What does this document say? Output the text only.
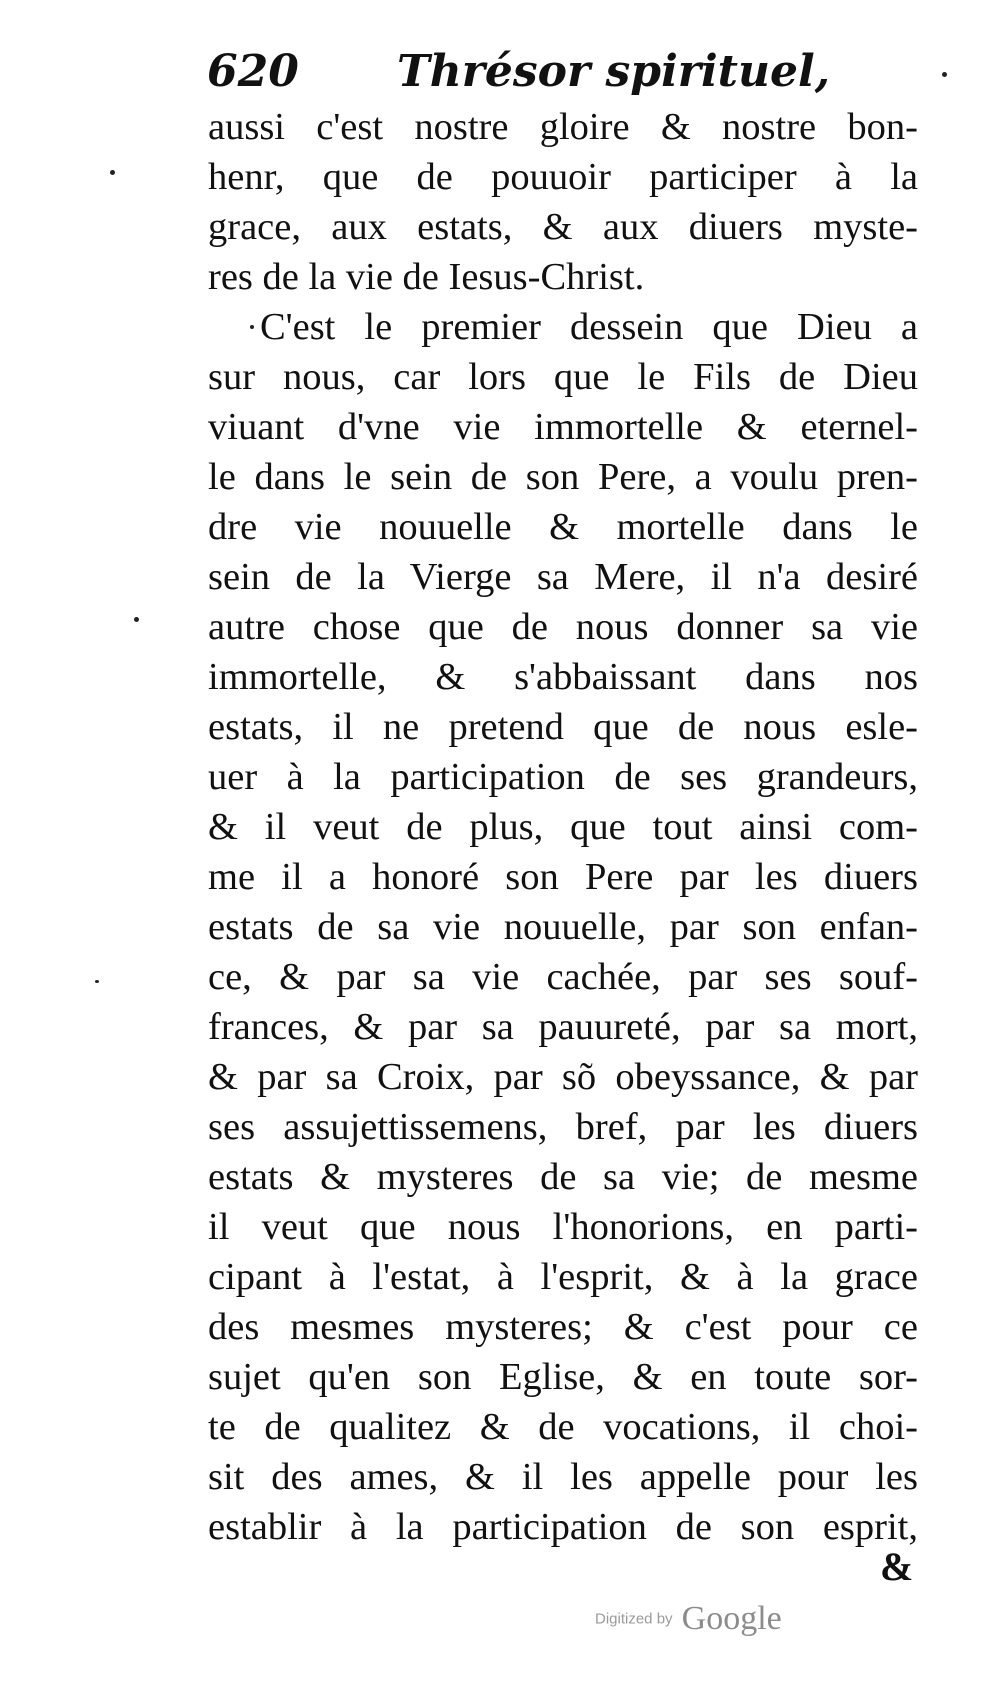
620 Thrésor spirituel,
aussi c'est nostre gloire & nostre bon-
henr, que de pouuoir participer à la
grace, aux estats, & aux diuers myste-
res de la vie de Iesus-Christ.
C'est le premier dessein que Dieu a
sur nous, car lors que le Fils de Dieu
viuant d'vne vie immortelle & eternel-
le dans le sein de son Pere, a voulu pren-
dre vie nouuelle & mortelle dans le
sein de la Vierge sa Mere, il n'a desiré
autre chose que de nous donner sa vie
immortelle, & s'abbaissant dans nos
estats, il ne pretend que de nous esle-
uer à la participation de ses grandeurs,
& il veut de plus, que tout ainsi com-
me il a honoré son Pere par les diuers
estats de sa vie nouuelle, par son enfan-
ce, & par sa vie cachée, par ses souf-
frances, & par sa pauureté, par sa mort,
& par sa Croix, par sõ obeyssance, & par
ses assujettissemens, bref, par les diuers
estats & mysteres de sa vie; de mesme
il veut que nous l'honorions, en parti-
cipant à l'estat, à l'esprit, & à la grace
des mesmes mysteres; & c'est pour ce
sujet qu'en son Eglise, & en toute sor-
te de qualitez & de vocations, il choi-
sit des ames, & il les appelle pour les
establir à la participation de son esprit,
&
Digitized by Google
